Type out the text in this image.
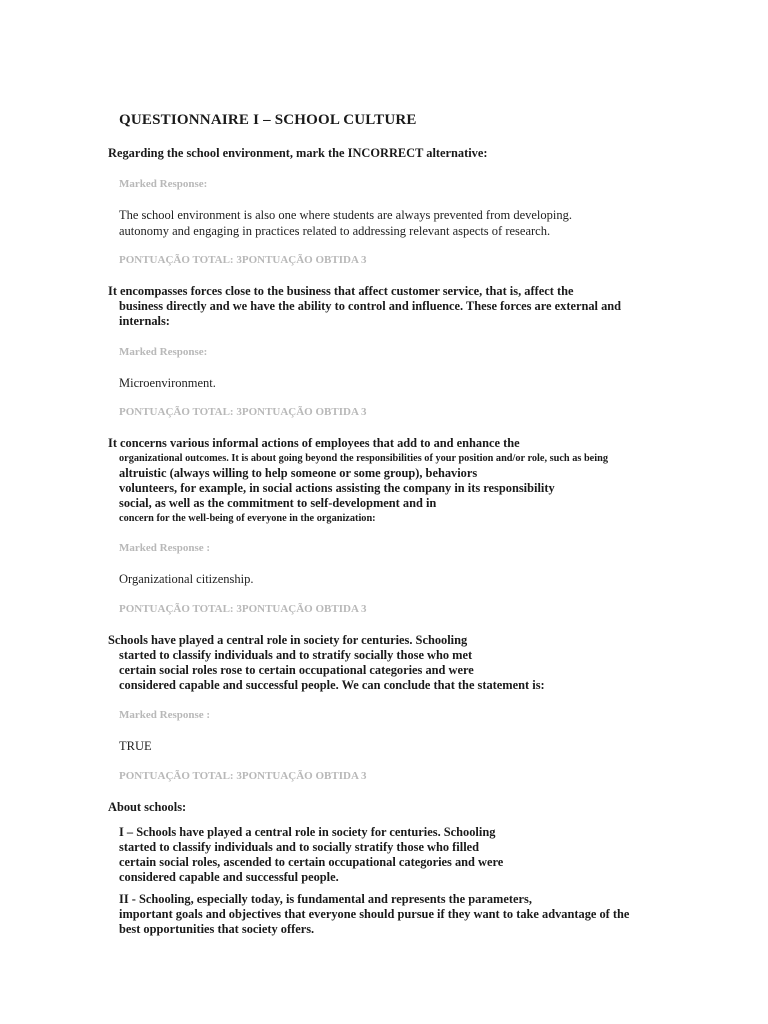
QUESTIONNAIRE I – SCHOOL CULTURE
Regarding the school environment, mark the INCORRECT alternative:
Marked Response:
The school environment is also one where students are always prevented from developing.
autonomy and engaging in practices related to addressing relevant aspects of research.
PONTUAÇÃO TOTAL: 3PONTUAÇÃO OBTIDA 3
It encompasses forces close to the business that affect customer service, that is, affect the
business directly and we have the ability to control and influence. These forces are external and
internals:
Marked Response:
Microenvironment.
PONTUAÇÃO TOTAL: 3PONTUAÇÃO OBTIDA 3
It concerns various informal actions of employees that add to and enhance the
organizational outcomes. It is about going beyond the responsibilities of your position and/or role, such as being
altruistic (always willing to help someone or some group), behaviors
volunteers, for example, in social actions assisting the company in its responsibility
social, as well as the commitment to self-development and in
concern for the well-being of everyone in the organization:
Marked Response :
Organizational citizenship.
PONTUAÇÃO TOTAL: 3PONTUAÇÃO OBTIDA 3
Schools have played a central role in society for centuries. Schooling
started to classify individuals and to stratify socially those who met
certain social roles rose to certain occupational categories and were
considered capable and successful people. We can conclude that the statement is:
Marked Response :
TRUE
PONTUAÇÃO TOTAL: 3PONTUAÇÃO OBTIDA 3
About schools:
I – Schools have played a central role in society for centuries. Schooling
started to classify individuals and to socially stratify those who filled
certain social roles, ascended to certain occupational categories and were
considered capable and successful people.
II - Schooling, especially today, is fundamental and represents the parameters,
important goals and objectives that everyone should pursue if they want to take advantage of the
best opportunities that society offers.
